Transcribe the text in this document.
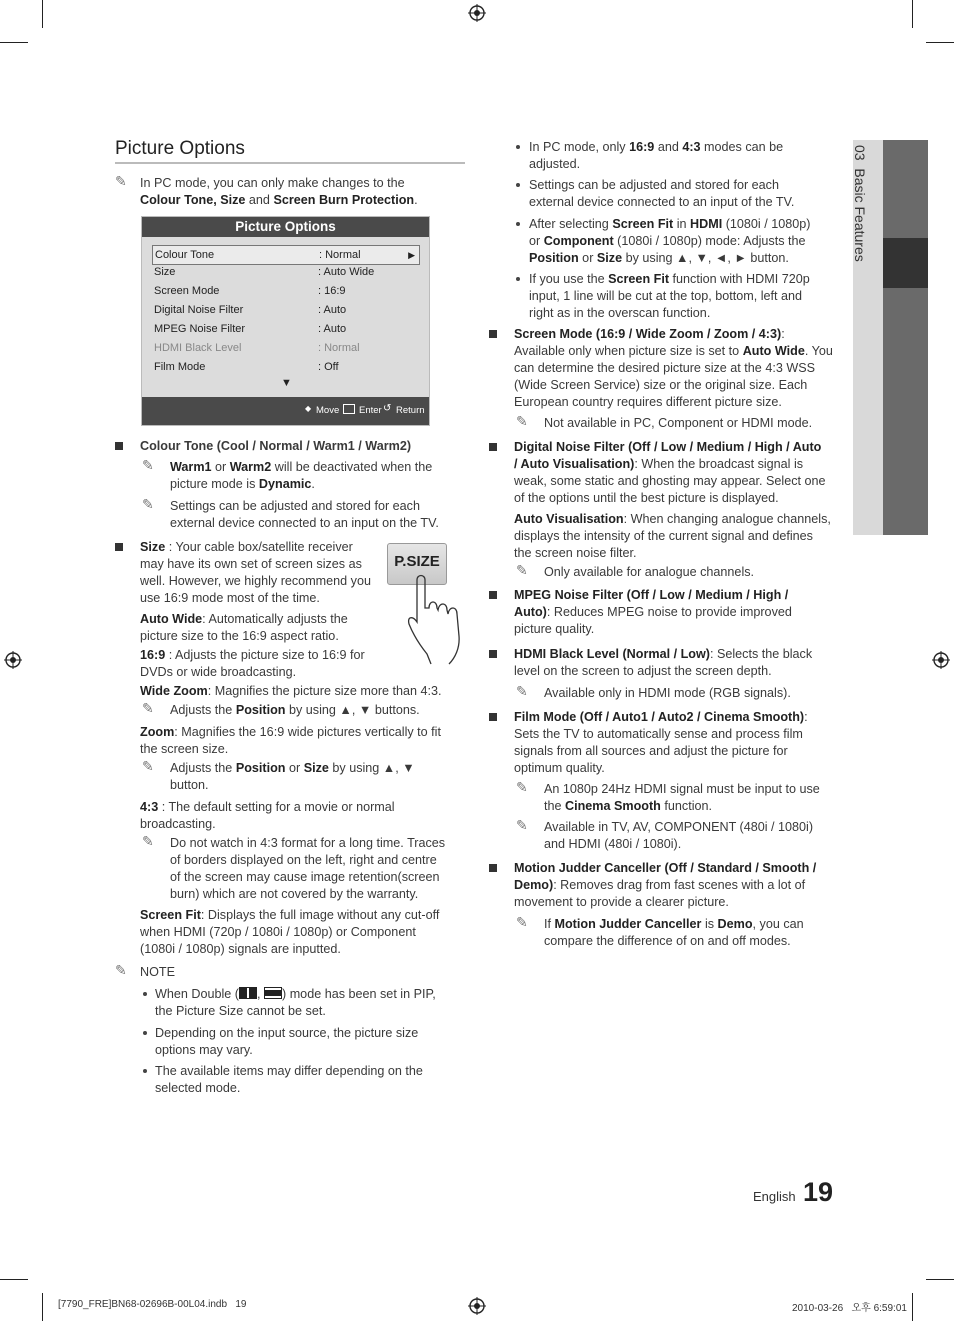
03  Basic Features
Picture Options
✎ In PC mode, you can only make changes to the
Colour Tone, Size and Screen Burn Protection.
Picture Options
Colour Tone	: Normal	▶
Size	: Auto Wide
Screen Mode	: 16:9
Digital Noise Filter	: Auto
MPEG Noise Filter	: Auto
HDMI Black Level	: Normal
Film Mode	: Off
▼
◆ Move Enter ↺ Return
Colour Tone (Cool / Normal / Warm1 / Warm2)
✎ Warm1 or Warm2 will be deactivated when the
picture mode is Dynamic.
✎ Settings can be adjusted and stored for each
external device connected to an input on the TV.
Size : Your cable box/satellite receiver
may have its own set of screen sizes as
well. However, we highly recommend you
use 16:9 mode most of the time.
P.SIZE
Auto Wide: Automatically adjusts the
picture size to the 16:9 aspect ratio.
16:9 : Adjusts the picture size to 16:9 for
DVDs or wide broadcasting.
Wide Zoom: Magnifies the picture size more than 4:3.
✎ Adjusts the Position by using ▲, ▼ buttons.
Zoom: Magnifies the 16:9 wide pictures vertically to fit
the screen size.
✎ Adjusts the Position or Size by using ▲, ▼
button.
4:3 : The default setting for a movie or normal
broadcasting.
✎ Do not watch in 4:3 format for a long time. Traces
of borders displayed on the left, right and centre
of the screen may cause image retention(screen
burn) which are not covered by the warranty.
Screen Fit: Displays the full image without any cut-off
when HDMI (720p / 1080i / 1080p) or Component
(1080i / 1080p) signals are inputted.
✎ NOTE
When Double ( , ) mode has been set in PIP,
the Picture Size cannot be set.
Depending on the input source, the picture size
options may vary.
The available items may differ depending on the
selected mode.
In PC mode, only 16:9 and 4:3 modes can be
adjusted.
Settings can be adjusted and stored for each
external device connected to an input of the TV.
After selecting Screen Fit in HDMI (1080i / 1080p)
or Component (1080i / 1080p) mode: Adjusts the
Position or Size by using ▲, ▼, ◄, ► button.
If you use the Screen Fit function with HDMI 720p
input, 1 line will be cut at the top, bottom, left and
right as in the overscan function.
Screen Mode (16:9 / Wide Zoom / Zoom / 4:3):
Available only when picture size is set to Auto Wide. You
can determine the desired picture size at the 4:3 WSS
(Wide Screen Service) size or the original size. Each
European country requires different picture size.
✎ Not available in PC, Component or HDMI mode.
Digital Noise Filter (Off / Low / Medium / High / Auto
/ Auto Visualisation): When the broadcast signal is
weak, some static and ghosting may appear. Select one
of the options until the best picture is displayed.
Auto Visualisation: When changing analogue channels,
displays the intensity of the current signal and defines
the screen noise filter.
✎ Only available for analogue channels.
MPEG Noise Filter (Off / Low / Medium / High /
Auto): Reduces MPEG noise to provide improved
picture quality.
HDMI Black Level (Normal / Low): Selects the black
level on the screen to adjust the screen depth.
✎ Available only in HDMI mode (RGB signals).
Film Mode (Off / Auto1 / Auto2 / Cinema Smooth):
Sets the TV to automatically sense and process film
signals from all sources and adjust the picture for
optimum quality.
✎ An 1080p 24Hz HDMI signal must be input to use
the Cinema Smooth function.
✎ Available in TV, AV, COMPONENT (480i / 1080i)
and HDMI (480i / 1080i).
Motion Judder Canceller (Off / Standard / Smooth /
Demo): Removes drag from fast scenes with a lot of
movement to provide a clearer picture.
✎ If Motion Judder Canceller is Demo, you can
compare the difference of on and off modes.
English 19
[7790_FRE]BN68-02696B-00L04.indb   19	2010-03-26   오후 6:59:01
